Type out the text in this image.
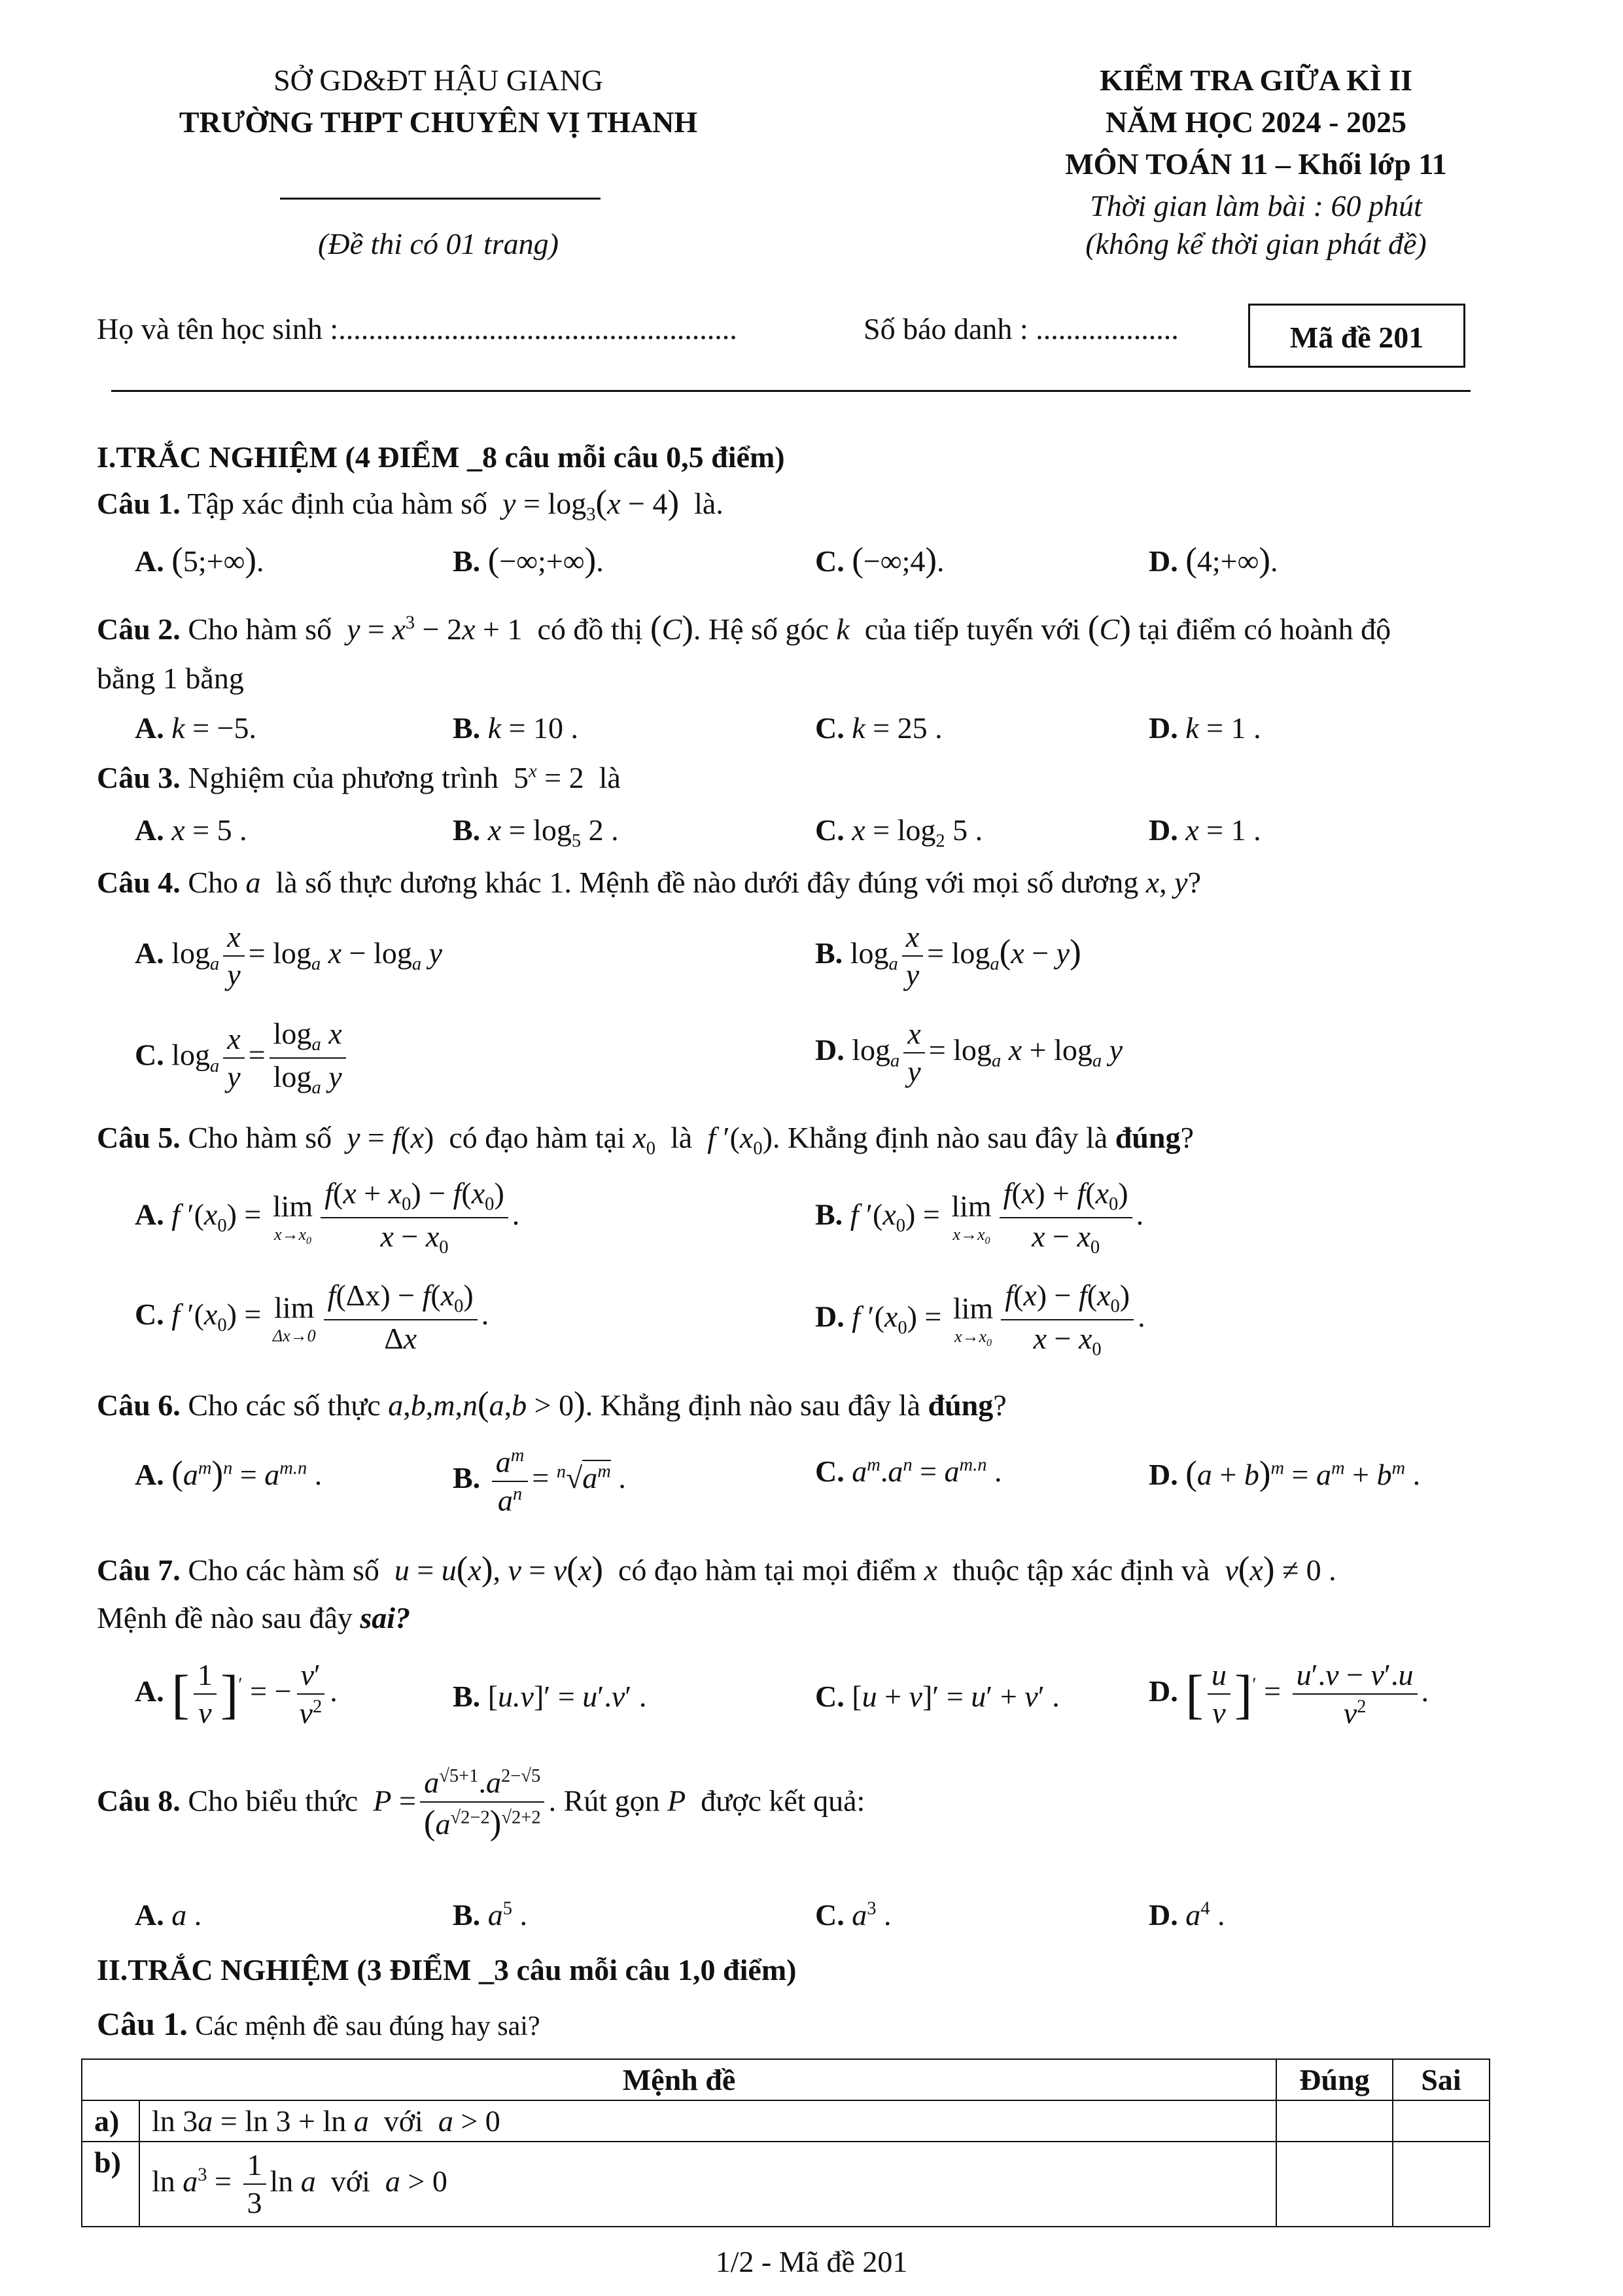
SỞ GD&ĐT HẬU GIANG
TRƯỜNG THPT CHUYÊN VỊ THANH
(Đề thi có 01 trang)
KIỂM TRA GIỮA KÌ II
NĂM HỌC 2024 - 2025
MÔN TOÁN 11 – Khối lớp 11
Thời gian làm bài : 60 phút
(không kể thời gian phát đề)
Họ và tên học sinh :.....................................................	Số báo danh : ...................	Mã đề 201
I.TRẮC NGHIỆM (4 ĐIỂM _8 câu mỗi câu 0,5 điểm)
Câu 1. Tập xác định của hàm số $y = \log_3(x - 4)$ là.
A. (5;+∞).	B. (−∞;+∞).	C. (−∞;4).	D. (4;+∞).
Câu 2. Cho hàm số $y = x^3 - 2x + 1$  có đồ thị (C). Hệ số góc k của tiếp tuyến với (C) tại điểm có hoành độ
bằng 1 bằng
A. k = −5.	B. k = 10 .	C. k = 25 .	D. k = 1 .
Câu 3. Nghiệm của phương trình  $5^x = 2$  là
A. x = 5 .	B. $x = \log_5 2$ .	C. $x = \log_2 5$ .	D. x = 1 .
Câu 4. Cho a là số thực dương khác 1. Mệnh đề nào dưới đây đúng với mọi số dương x, y?
A. $\log_a \frac{x}{y} = \log_a x - \log_a y$	B. $\log_a \frac{x}{y} = \log_a(x - y)$
C. $\log_a \frac{x}{y} = \frac{\log_a x}{\log_a y}$	D. $\log_a \frac{x}{y} = \log_a x + \log_a y$
Câu 5. Cho hàm số y = f(x)  có đạo hàm tại $x_0$ là f $'(x_0)$. Khẳng định nào sau đây là đúng?
A. f $'(x_0) = \lim$
$x\to x_0 \frac{f(x + x_0) - f(x_0)}{x - x_0}$ .	B. f $'(x_0) = \lim$
$x\to x_0 \frac{f(x) + f(x_0)}{x - x_0}$ .
C. f $'(x_0) = \lim$
$\Delta x\to 0 \frac{f(\Delta x) - f(x_0)}{\Delta x}$ .	D. f $'(x_0) = \lim$
$x\to x_0 \frac{f(x) - f(x_0)}{x - x_0}$ .
Câu 6. Cho các số thực a,b,m,n(a,b > 0). Khẳng định nào sau đây là đúng?
A. $(a^m)^n = a^{m.n}$ .	B. $\frac{a^m}{a^n} = ^n√a^m$ .	C. $a^m.a^n = a^{m.n}$ .	D. $(a + b)^m = a^m + b^m$ .
Câu 7. Cho các hàm số u = u(x), v = v(x) có đạo hàm tại mọi điểm x thuộc tập xác định và v(x) ≠ 0 .
Mệnh đề nào sau đây sai?
A. [ $\frac{1}{v} ]'$ = − $\frac{v'}{v^2}$ .	B. [u.v]′ = u′.v′ .	C. [u + v]′ = u′ + v′ .	D. [ $\frac{u}{v} ]' = \frac{u'.v - v'.u}{v^2}$ .
Câu 8. Cho biểu thức $P = \frac{a^{√5+1}.a^{2-√5}}{(a^{√2-2})^{√2+2}}$ . Rút gọn P được kết quả:
A. a .	B. $a^5$ .	C. $a^3$ .	D. $a^4$ .
II.TRẮC NGHIỆM (3 ĐIỂM _3 câu mỗi câu 1,0 điểm)
Câu 1. Các mệnh đề sau đúng hay sai?
Mệnh đề		Đúng	Sai
a)	ln 3a = ln 3 + ln a với a > 0		
b)	$\ln a^3 = \frac{1}{3}$ ln a với a > 0		
1/2 - Mã đề 201
